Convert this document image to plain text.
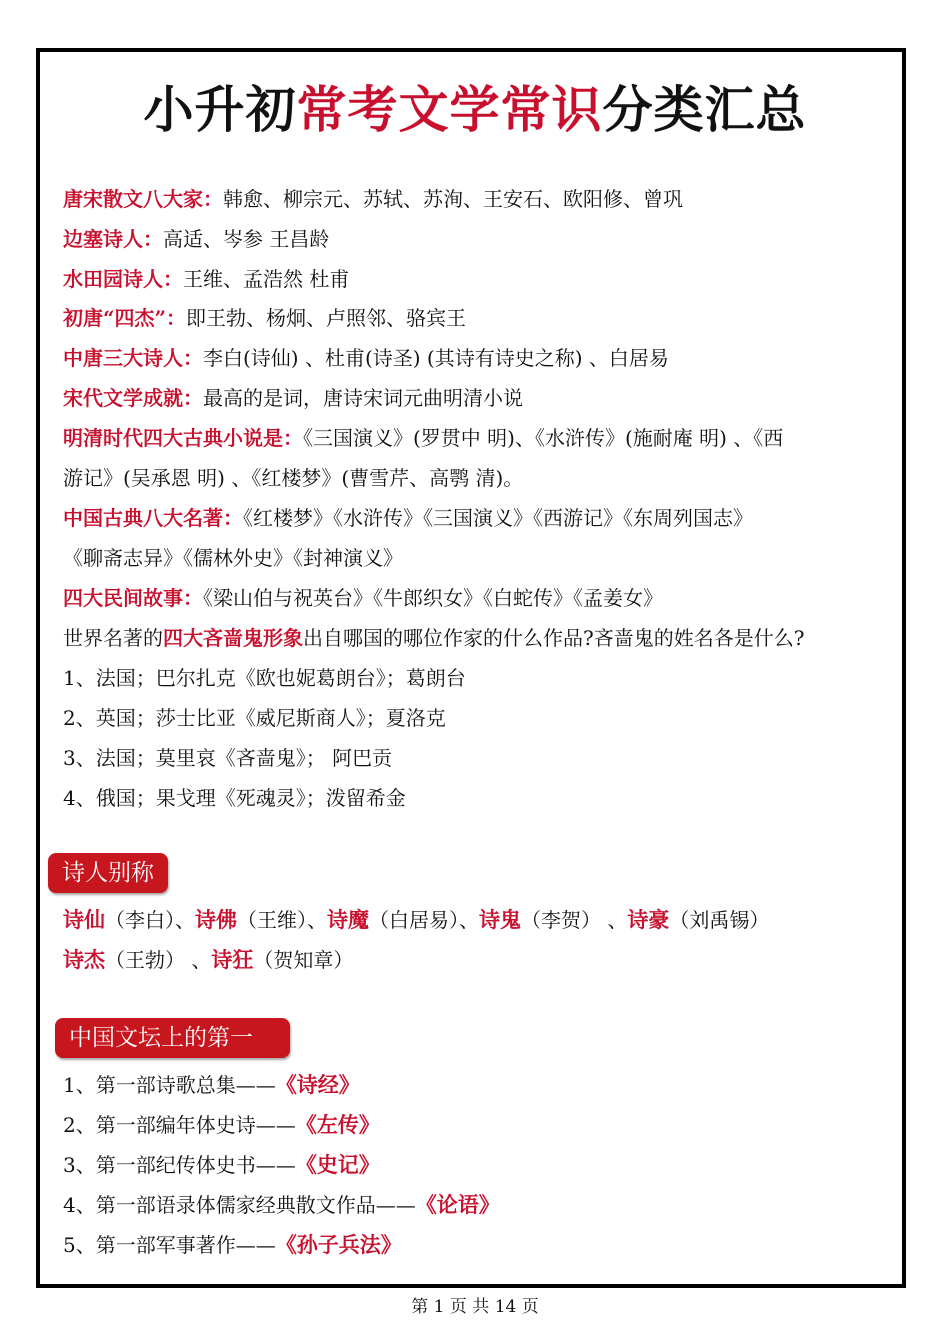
小升初常考文学常识分类汇总
唐宋散文八大家：韩愈、柳宗元、苏轼、苏洵、王安石、欧阳修、曾巩
边塞诗人：高适、岑参 王昌龄
水田园诗人：王维、孟浩然 杜甫
初唐“四杰”：即王勃、杨炯、卢照邻、骆宾王
中唐三大诗人：李白(诗仙) 、杜甫(诗圣) (其诗有诗史之称) 、白居易
宋代文学成就：最高的是词，唐诗宋词元曲明清小说
明清时代四大古典小说是：《三国演义》(罗贯中 明)、《水浒传》(施耐庵 明) 、《西
游记》(吴承恩 明) 、《红楼梦》(曹雪芹、高鹗 清)。
中国古典八大名著：《红楼梦》《水浒传》《三国演义》《西游记》《东周列国志》
《聊斋志异》《儒林外史》《封神演义》
四大民间故事：《梁山伯与祝英台》《牛郎织女》《白蛇传》《孟姜女》
世界名著的四大吝啬鬼形象出自哪国的哪位作家的什么作品?吝啬鬼的姓名各是什么?
1、法国；巴尔扎克《欧也妮葛朗台》；葛朗台
2、英国；莎士比亚《威尼斯商人》；夏洛克
3、法国；莫里哀《吝啬鬼》； 阿巴贡
4、俄国；果戈理《死魂灵》；泼留希金
诗人别称
诗仙（李白）、诗佛（王维）、诗魔（白居易）、诗鬼（李贺） 、诗豪（刘禹锡）
诗杰（王勃） 、诗狂（贺知章）
中国文坛上的第一
1、第一部诗歌总集——《诗经》
2、第一部编年体史诗——《左传》
3、第一部纪传体史书——《史记》
4、第一部语录体儒家经典散文作品——《论语》
5、第一部军事著作——《孙子兵法》
第 1 页 共 14 页
